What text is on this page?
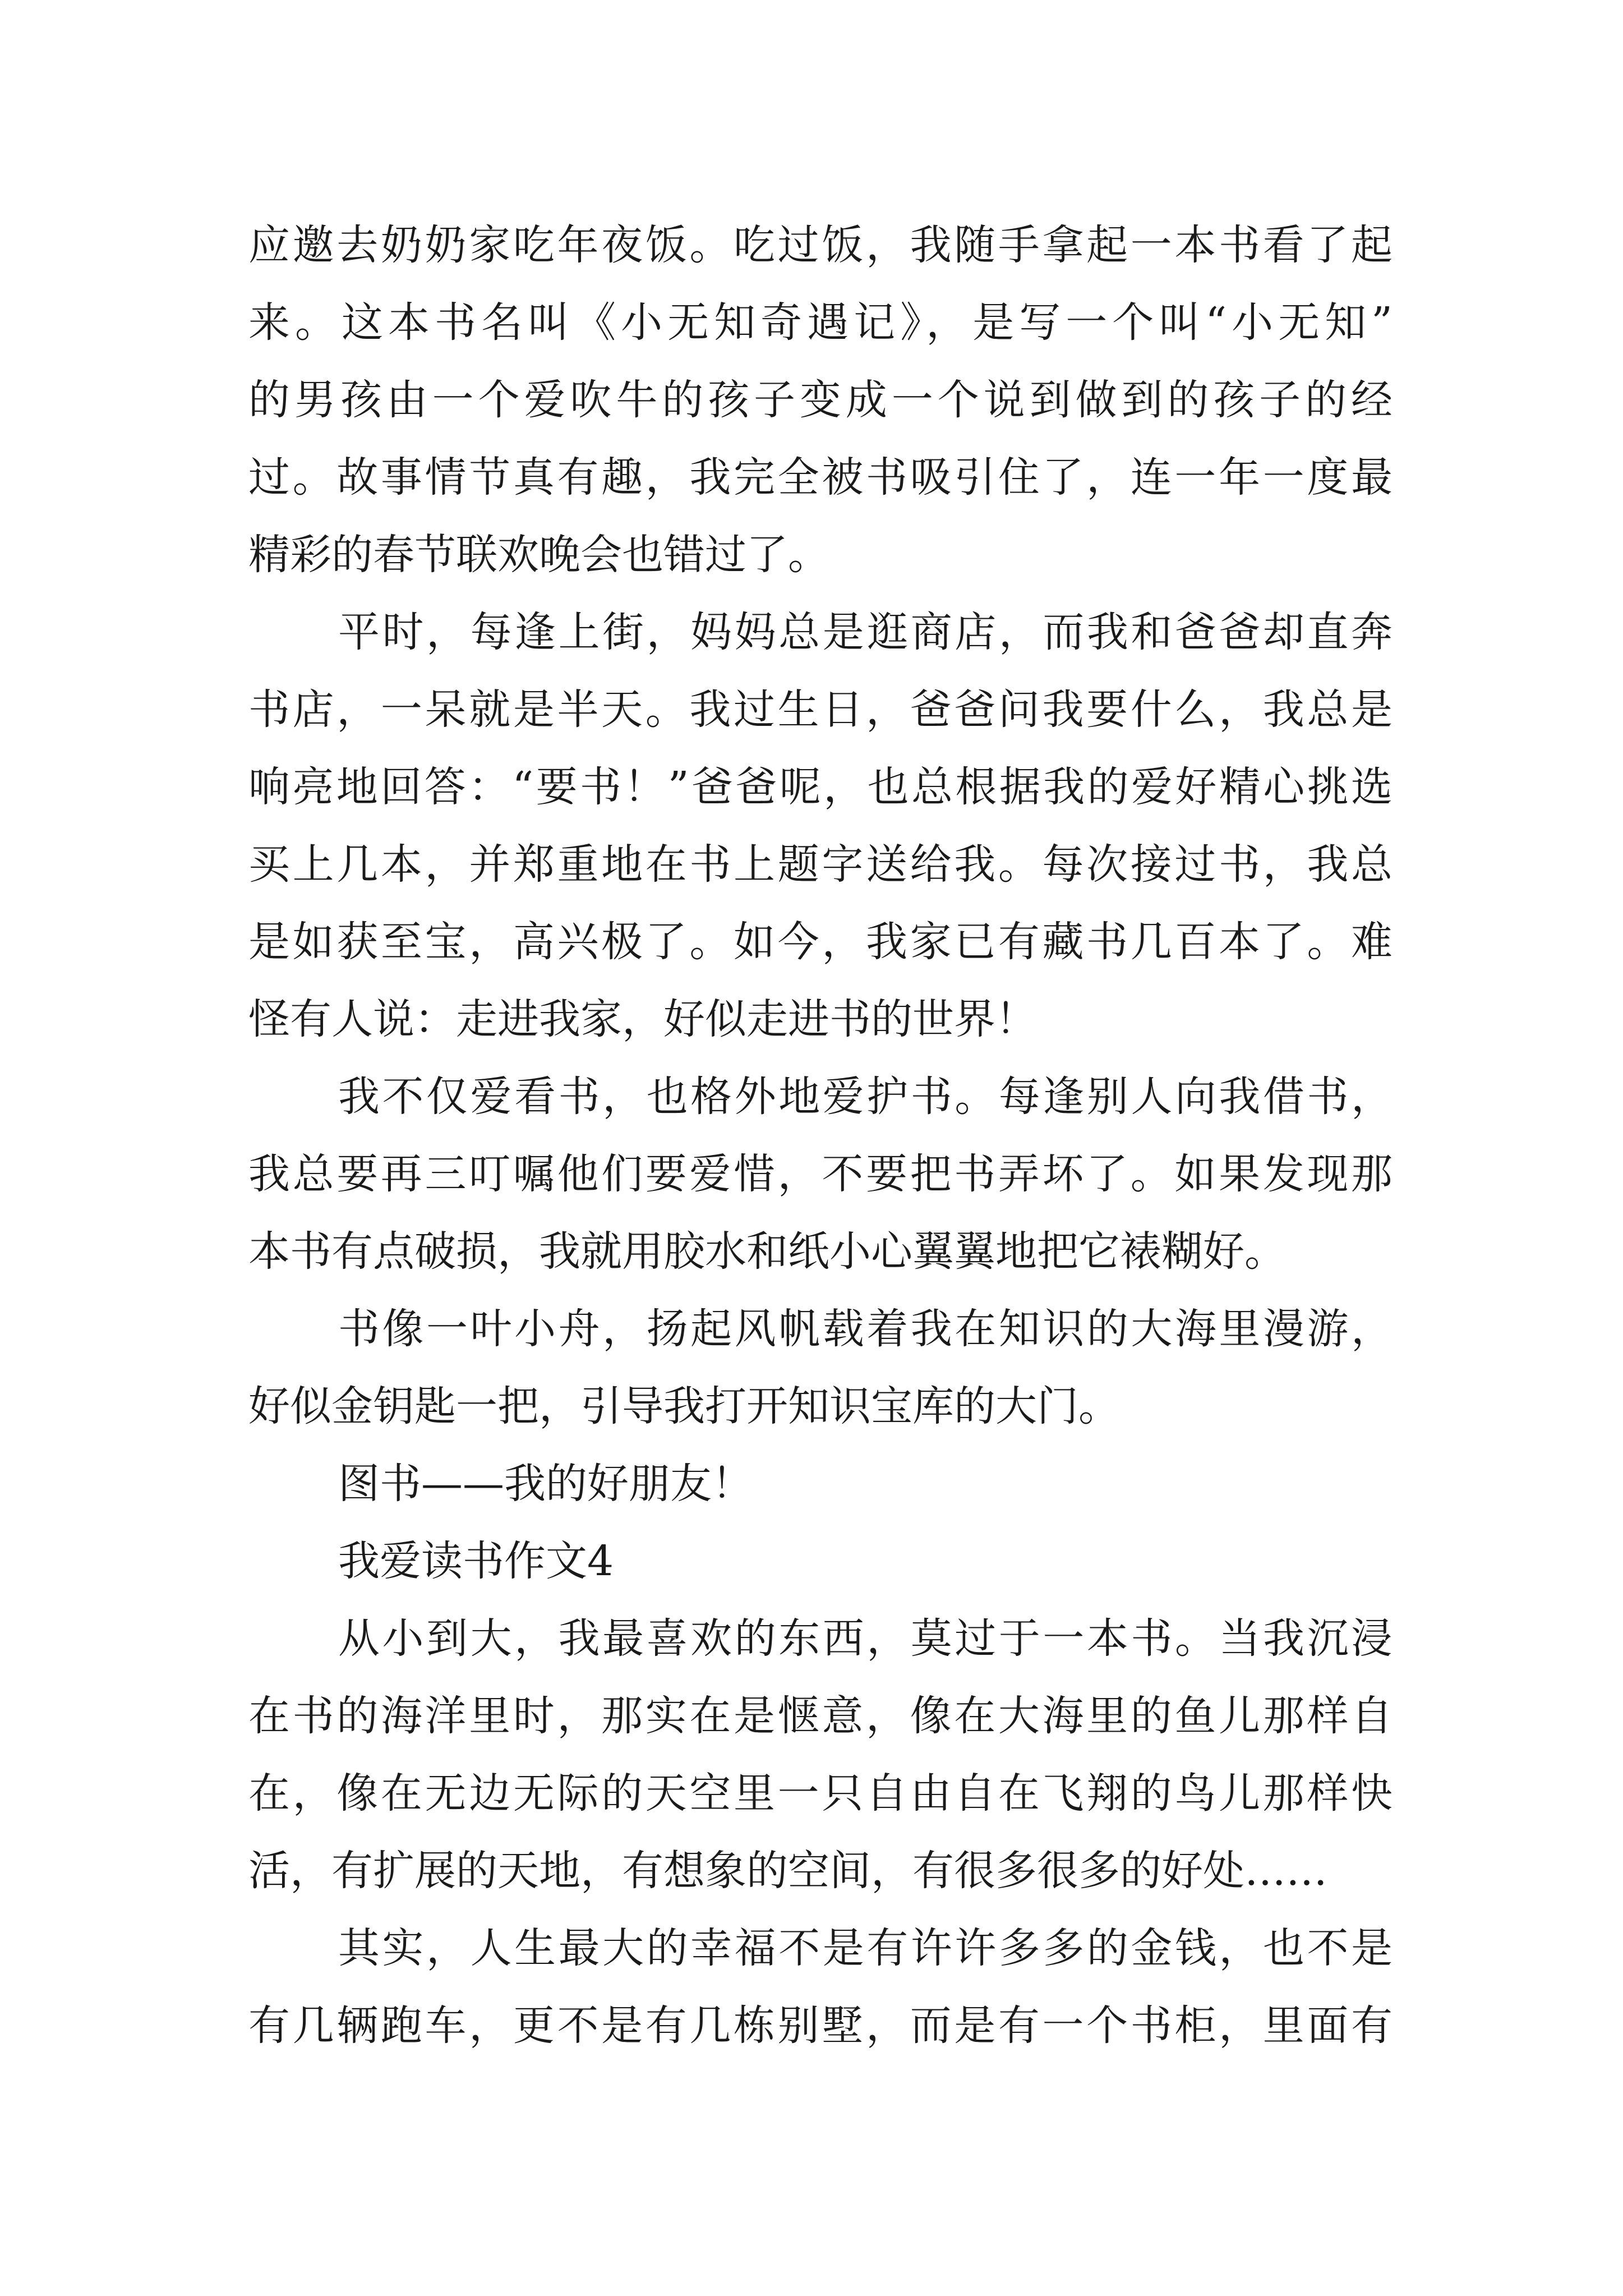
应邀去奶奶家吃年夜饭。吃过饭，我随手拿起一本书看了起
来。这本书名叫《小无知奇遇记》，是写一个叫“小无知”
的男孩由一个爱吹牛的孩子变成一个说到做到的孩子的经
过。故事情节真有趣，我完全被书吸引住了，连一年一度最
精彩的春节联欢晚会也错过了。
平时，每逢上街，妈妈总是逛商店，而我和爸爸却直奔
书店，一呆就是半天。我过生日，爸爸问我要什么，我总是
响亮地回答：“要书！”爸爸呢，也总根据我的爱好精心挑选
买上几本，并郑重地在书上题字送给我。每次接过书，我总
是如获至宝，高兴极了。如今，我家已有藏书几百本了。难
怪有人说：走进我家，好似走进书的世界！
我不仅爱看书，也格外地爱护书。每逢别人向我借书，
我总要再三叮嘱他们要爱惜，不要把书弄坏了。如果发现那
本书有点破损，我就用胶水和纸小心翼翼地把它裱糊好。
书像一叶小舟，扬起风帆载着我在知识的大海里漫游，
好似金钥匙一把，引导我打开知识宝库的大门。
图书——我的好朋友！
我爱读书作文4
从小到大，我最喜欢的东西，莫过于一本书。当我沉浸
在书的海洋里时，那实在是惬意，像在大海里的鱼儿那样自
在，像在无边无际的天空里一只自由自在飞翔的鸟儿那样快
活，有扩展的天地，有想象的空间，有很多很多的好处……
其实，人生最大的幸福不是有许许多多的金钱，也不是
有几辆跑车，更不是有几栋别墅，而是有一个书柜，里面有
